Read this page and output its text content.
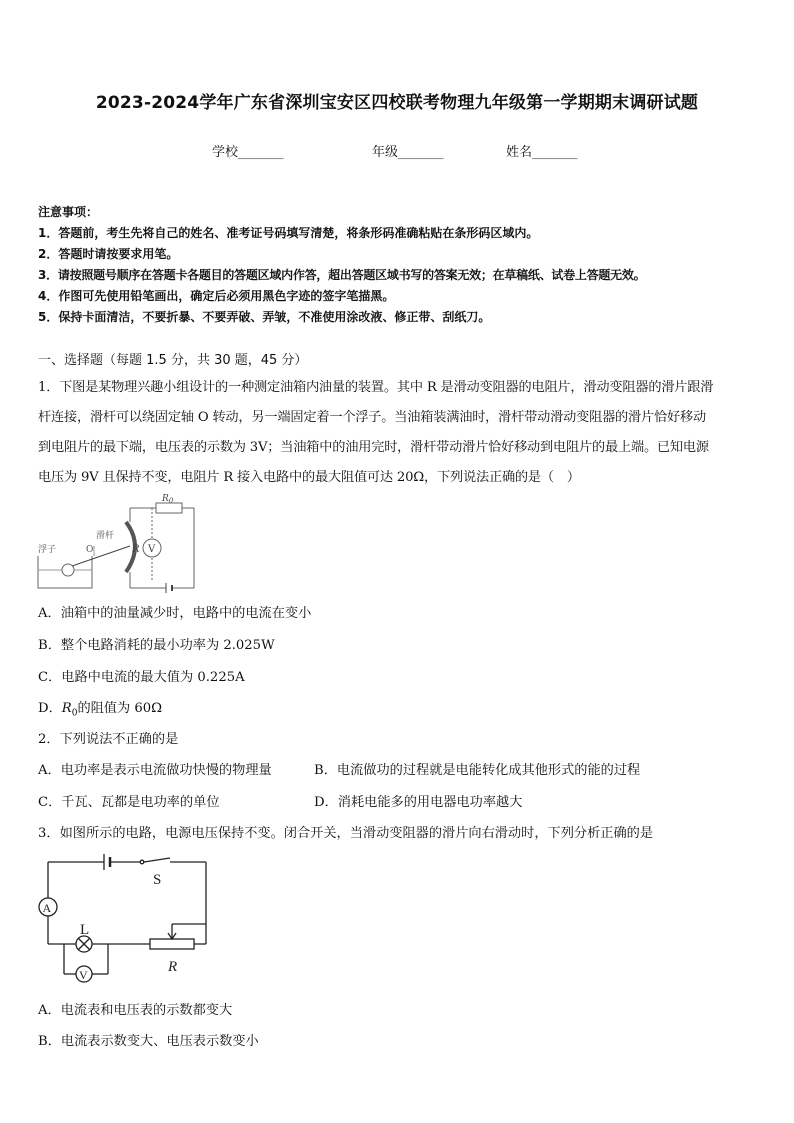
2023-2024学年广东省深圳宝安区四校联考物理九年级第一学期期末调研试题
学校_______	年级_______	姓名_______
注意事项：
1．答题前，考生先将自己的姓名、准考证号码填写清楚，将条形码准确粘贴在条形码区域内。
2．答题时请按要求用笔。
3．请按照题号顺序在答题卡各题目的答题区域内作答，超出答题区域书写的答案无效；在草稿纸、试卷上答题无效。
4．作图可先使用铅笔画出，确定后必须用黑色字迹的签字笔描黑。
5．保持卡面清洁，不要折暴、不要弄破、弄皱，不准使用涂改液、修正带、刮纸刀。
一、选择题（每题 1.5 分，共 30 题，45 分）
1．下图是某物理兴趣小组设计的一种测定油箱内油量的装置。其中 R 是滑动变阻器的电阻片，滑动变阻器的滑片跟滑
杆连接，滑杆可以绕固定轴 O 转动，另一端固定着一个浮子。当油箱装满油时，滑杆带动滑动变阻器的滑片恰好移动
到电阻片的最下端，电压表的示数为 3V；当油箱中的油用完时，滑杆带动滑片恰好移动到电阻片的最上端。已知电源
电压为 9V 且保持不变，电阻片 R 接入电路中的最大阻值可达 20Ω，下列说法正确的是（　）
$R_0$
浮子
滑杆
O	R V
A．油箱中的油量减少时，电路中的电流在变小
B．整个电路消耗的最小功率为 2.025W
C．电路中电流的最大值为 0.225A
D．$R_0$的阻值为 60Ω
2．下列说法不正确的是
A．电功率是表示电流做功快慢的物理量	B．电流做功的过程就是电能转化成其他形式的能的过程
C．千瓦、瓦都是电功率的单位	D．消耗电能多的用电器电功率越大
3．如图所示的电路，电源电压保持不变。闭合开关，当滑动变阻器的滑片向右滑动时，下列分析正确的是
S
A
L
V	R
A．电流表和电压表的示数都变大
B．电流表示数变大、电压表示数变小
